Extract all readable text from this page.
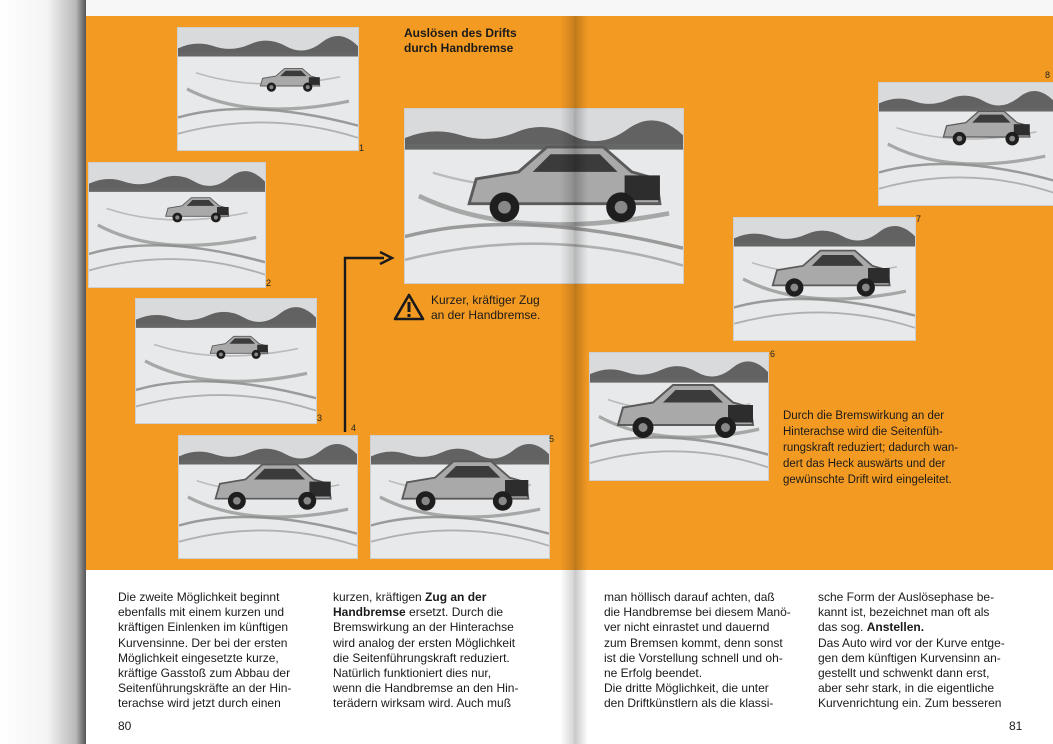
1
2
3
4
5
6
7
8
Auslösen des Drifts
durch Handbremse
Kurzer, kräftiger Zug
an der Handbremse.
Durch die Bremswirkung an der
Hinterachse wird die Seitenfüh-
rungskraft reduziert; dadurch wan-
dert das Heck auswärts und der
gewünschte Drift wird eingeleitet.
Die zweite Möglichkeit beginnt
ebenfalls mit einem kurzen und
kräftigen Einlenken im künftigen
Kurvensinne. Der bei der ersten
Möglichkeit eingesetzte kurze,
kräftige Gasstoß zum Abbau der
Seitenführungskräfte an der Hin-
terachse wird jetzt durch einen
kurzen, kräftigen Zug an der
Handbremse ersetzt. Durch die
Bremswirkung an der Hinterachse
wird analog der ersten Möglichkeit
die Seitenführungskraft reduziert.
Natürlich funktioniert dies nur,
wenn die Handbremse an den Hin-
terädern wirksam wird. Auch muß
man höllisch darauf achten, daß
die Handbremse bei diesem Manö-
ver nicht einrastet und dauernd
zum Bremsen kommt, denn sonst
ist die Vorstellung schnell und oh-
ne Erfolg beendet.
Die dritte Möglichkeit, die unter
den Driftkünstlern als die klassi-
sche Form der Auslösephase be-
kannt ist, bezeichnet man oft als
das sog. Anstellen.
Das Auto wird vor der Kurve entge-
gen dem künftigen Kurvensinn an-
gestellt und schwenkt dann erst,
aber sehr stark, in die eigentliche
Kurvenrichtung ein. Zum besseren
80	81
